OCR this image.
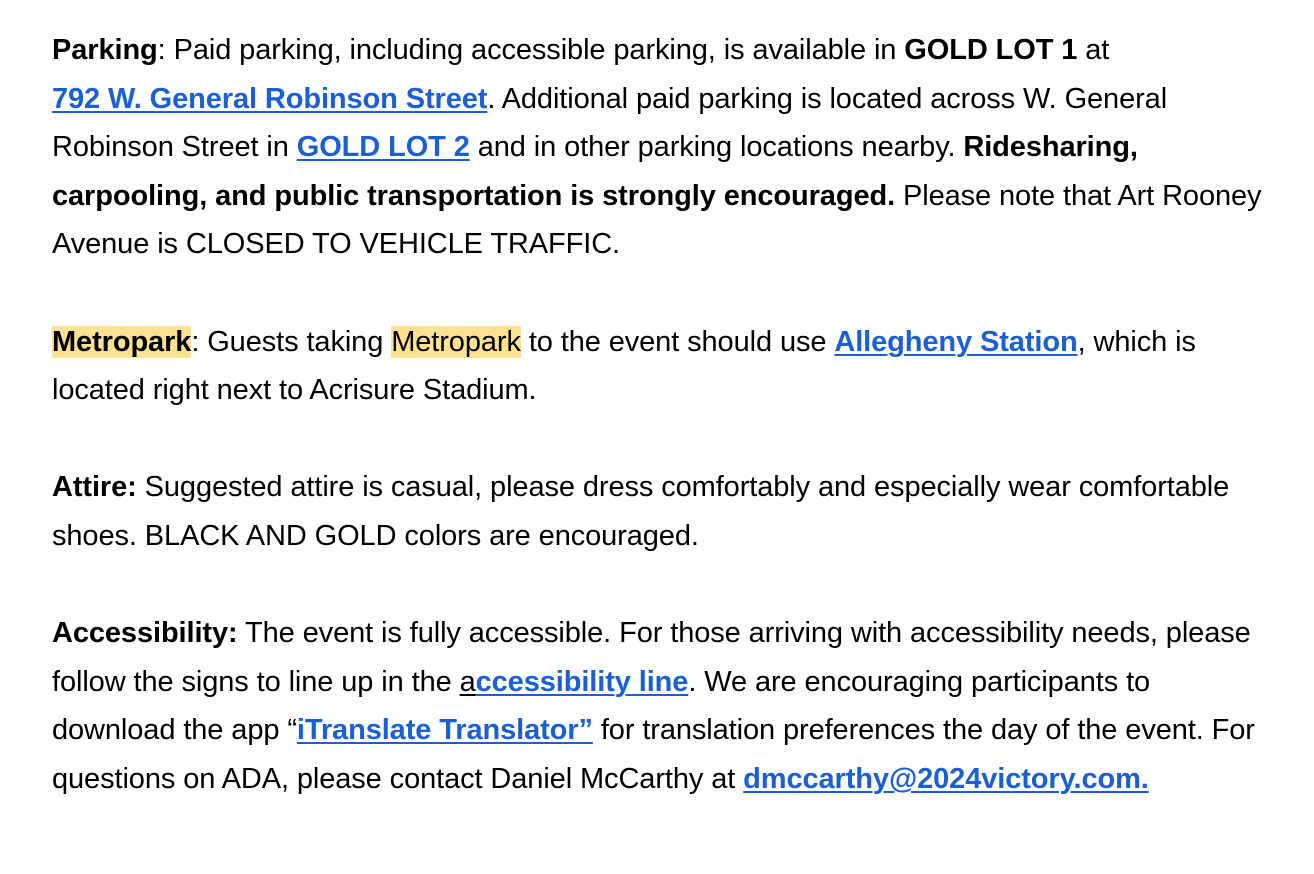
Parking: Paid parking, including accessible parking, is available in GOLD LOT 1 at
792 W. General Robinson Street. Additional paid parking is located across W. General Robinson Street in GOLD LOT 2 and in other parking locations nearby. Ridesharing, carpooling, and public transportation is strongly encouraged. Please note that Art Rooney Avenue is CLOSED TO VEHICLE TRAFFIC.

Metropark: Guests taking Metropark to the event should use Allegheny Station, which is located right next to Acrisure Stadium.

Attire: Suggested attire is casual, please dress comfortably and especially wear comfortable shoes. BLACK AND GOLD colors are encouraged.

Accessibility: The event is fully accessible. For those arriving with accessibility needs, please follow the signs to line up in the accessibility line. We are encouraging participants to download the app “iTranslate Translator” for translation preferences the day of the event. For questions on ADA, please contact Daniel McCarthy at dmccarthy@2024victory.com.
